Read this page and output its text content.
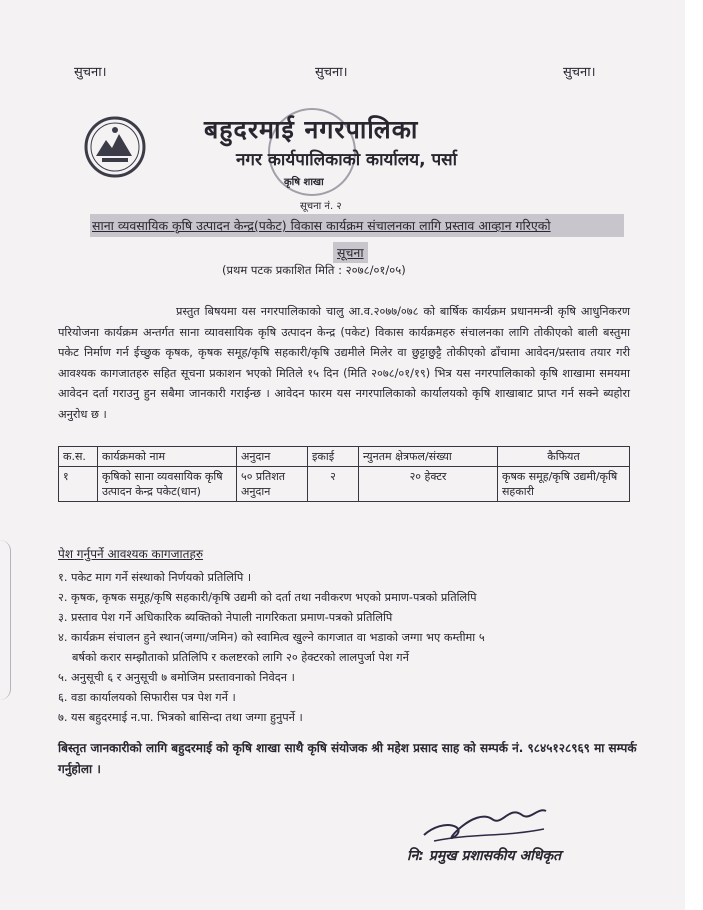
सुचना।	सुचना।	सुचना।
बहुदरमाई नगरपालिका
नगर कार्यपालिकाको कार्यालय, पर्सा
कृषि शाखा
सूचना नं. २
साना व्यवसायिक कृषि उत्पादन केन्द्र(पकेट) विकास कार्यक्रम संचालनका लागि प्रस्ताव आव्हान गरिएको
सूचना
(प्रथम पटक प्रकाशित मिति : २०७८/०१/०५)
प्रस्तुत बिषयमा यस नगरपालिकाको चालु आ.व.२०७७/०७८ को बार्षिक कार्यक्रम प्रधानमन्त्री कृषि आधुनिकरण परियोजना कार्यक्रम अन्तर्गत साना व्यावसायिक कृषि उत्पादन केन्द्र (पकेट) विकास कार्यक्रमहरु संचालनका लागि तोकीएको बाली बस्तुमा पकेट निर्माण गर्न ईच्छुक कृषक, कृषक समूह/कृषि सहकारी/कृषि उद्यमीले मिलेर वा छुट्टाछुट्टै तोकीएको ढाँचामा आवेदन/प्रस्ताव तयार गरी आवश्यक कागजातहरु सहित सूचना प्रकाशन भएको मितिले १५ दिन (मिति २०७८/०१/१९) भित्र यस नगरपालिकाको कृषि शाखामा समयमा आवेदन दर्ता गराउनु हुन सबैमा जानकारी गराईन्छ । आवेदन फारम यस नगरपालिकाको कार्यालयको कृषि शाखाबाट प्राप्त गर्न सक्ने ब्यहोरा अनुरोध छ ।
क.स.	कार्यक्रमको नाम	अनुदान	इकाई	न्युनतम क्षेत्रफल/संख्या	कैफियत
१	कृषिको साना व्यवसायिक कृषि उत्पादन केन्द्र पकेट(धान)	५० प्रतिशत अनुदान	२	२० हेक्टर	कृषक समूह/कृषि उद्यमी/कृषि सहकारी
पेश गर्नुपर्ने आवश्यक कागजातहरु
१. पकेट माग गर्ने संस्थाको निर्णयको प्रतिलिपि ।
२. कृषक, कृषक समूह/कृषि सहकारी/कृषि उद्यमी को दर्ता तथा नवीकरण भएको प्रमाण-पत्रको प्रतिलिपि
३. प्रस्ताव पेश गर्ने अधिकारिक ब्यक्तिको नेपाली नागरिकता प्रमाण-पत्रको प्रतिलिपि
४. कार्यक्रम संचालन हुने स्थान(जग्गा/जमिन) को स्वामित्व खुल्ने कागजात वा भडाको जग्गा भए कम्तीमा ५
बर्षको करार सम्झौताको प्रतिलिपि र कलष्टरको लागि २० हेक्टरको लालपुर्जा पेश गर्ने
५. अनुसूची ६ र अनुसूची ७ बमोजिम प्रस्तावनाको निवेदन ।
६. वडा कार्यालयको सिफारीस पत्र पेश गर्ने ।
७. यस बहुदरमाई न.पा. भित्रको बासिन्दा तथा जग्गा हुनुपर्ने ।
बिस्तृत जानकारीको लागि बहुदरमाई को कृषि शाखा साथै कृषि संयोजक श्री महेश प्रसाद साह को सम्पर्क नं. ९८४५१२८९६९ मा सम्पर्क गर्नुहोला ।
नि: प्रमुख प्रशासकीय अधिकृत
